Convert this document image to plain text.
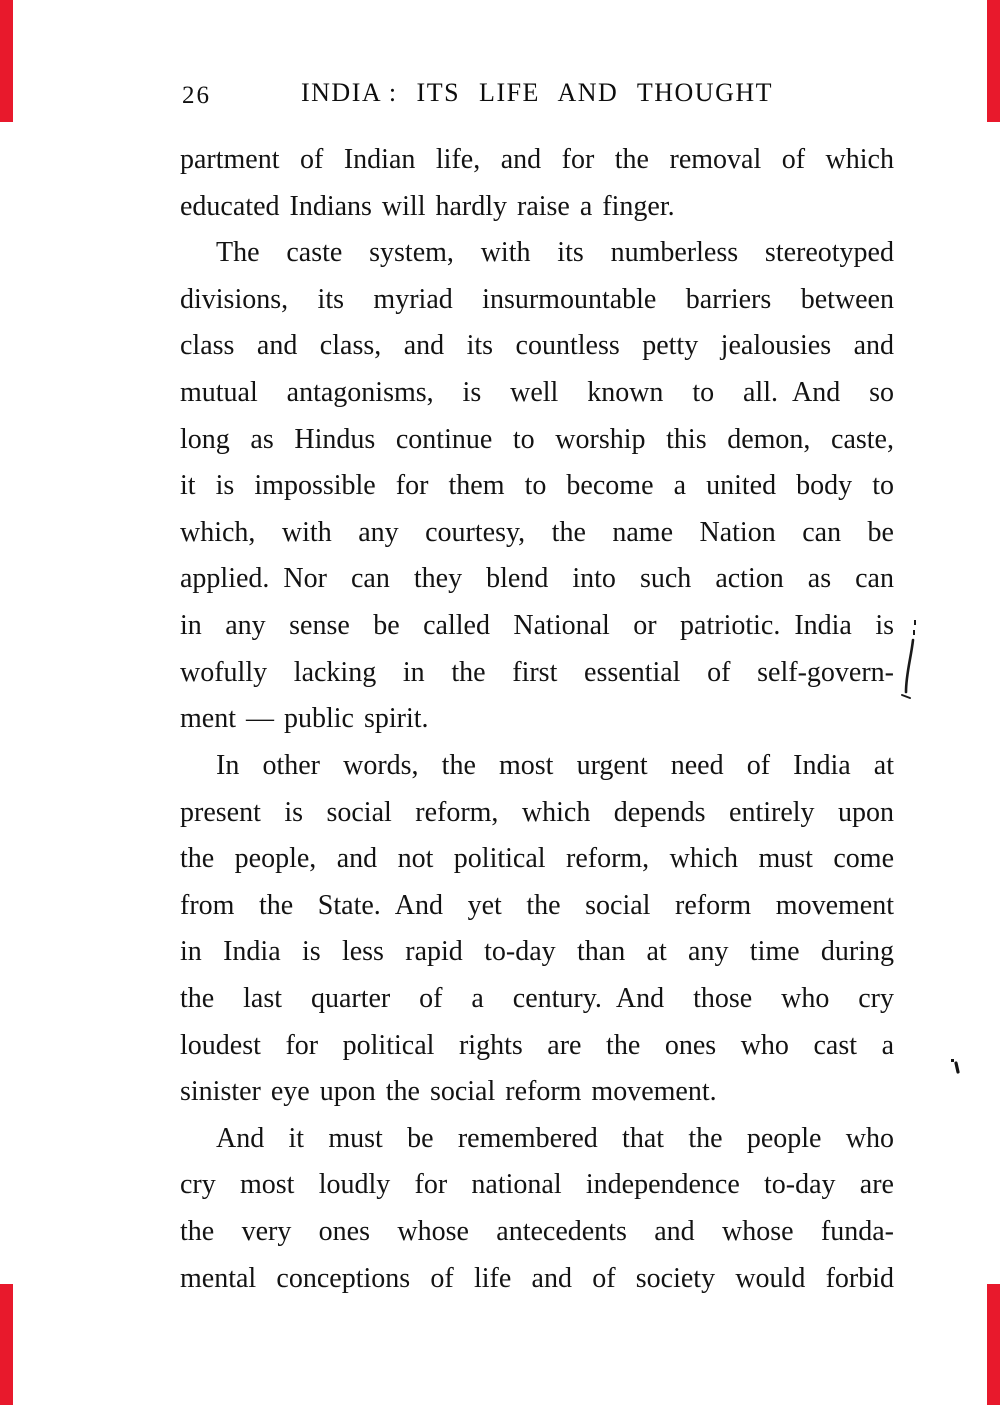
26	INDIA : ITS LIFE AND THOUGHT
partment of Indian life, and for the removal of which
educated Indians will hardly raise a finger.
The caste system, with its numberless stereotyped
divisions, its myriad insurmountable barriers between
class and class, and its countless petty jealousies and
mutual antagonisms, is well known to all. And so
long as Hindus continue to worship this demon, caste,
it is impossible for them to become a united body to
which, with any courtesy, the name Nation can be
applied. Nor can they blend into such action as can
in any sense be called National or patriotic. India is
wofully lacking in the first essential of self-govern-
ment — public spirit.
In other words, the most urgent need of India at
present is social reform, which depends entirely upon
the people, and not political reform, which must come
from the State. And yet the social reform movement
in India is less rapid to-day than at any time during
the last quarter of a century. And those who cry
loudest for political rights are the ones who cast a
sinister eye upon the social reform movement.
And it must be remembered that the people who
cry most loudly for national independence to-day are
the very ones whose antecedents and whose funda-
mental conceptions of life and of society would forbid
